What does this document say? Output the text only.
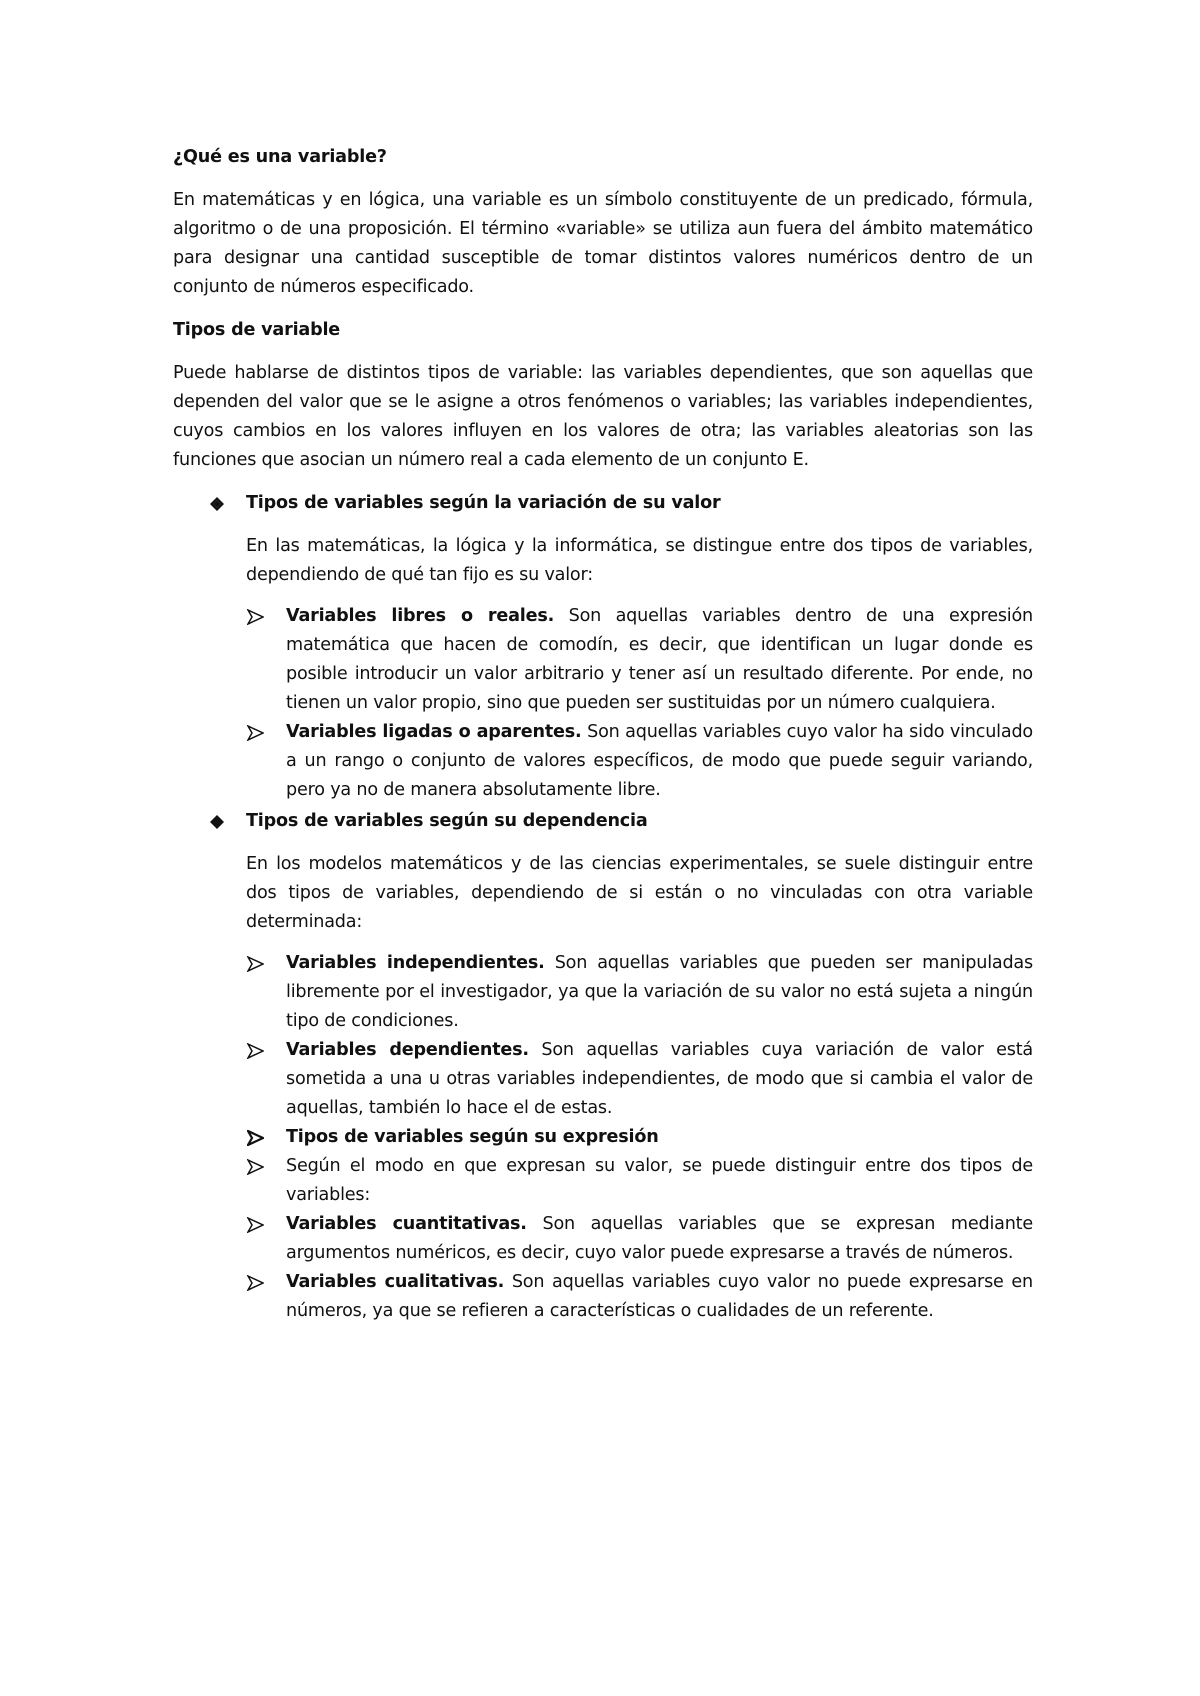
¿Qué es una variable?

En matemáticas y en lógica, una variable es un símbolo constituyente de un predicado, fórmula, algoritmo o de una proposición. El término «variable» se utiliza aun fuera del ámbito matemático para designar una cantidad susceptible de tomar distintos valores numéricos dentro de un conjunto de números especificado.

Tipos de variable

Puede hablarse de distintos tipos de variable: las variables dependientes, que son aquellas que dependen del valor que se le asigne a otros fenómenos o variables; las variables independientes, cuyos cambios en los valores influyen en los valores de otra; las variables aleatorias son las funciones que asocian un número real a cada elemento de un conjunto E.

Tipos de variables según la variación de su valor

En las matemáticas, la lógica y la informática, se distingue entre dos tipos de variables, dependiendo de qué tan fijo es su valor:

Variables libres o reales. Son aquellas variables dentro de una expresión matemática que hacen de comodín, es decir, que identifican un lugar donde es posible introducir un valor arbitrario y tener así un resultado diferente. Por ende, no tienen un valor propio, sino que pueden ser sustituidas por un número cualquiera.
Variables ligadas o aparentes. Son aquellas variables cuyo valor ha sido vinculado a un rango o conjunto de valores específicos, de modo que puede seguir variando, pero ya no de manera absolutamente libre.

Tipos de variables según su dependencia

En los modelos matemáticos y de las ciencias experimentales, se suele distinguir entre dos tipos de variables, dependiendo de si están o no vinculadas con otra variable determinada:

Variables independientes. Son aquellas variables que pueden ser manipuladas libremente por el investigador, ya que la variación de su valor no está sujeta a ningún tipo de condiciones.
Variables dependientes. Son aquellas variables cuya variación de valor está sometida a una u otras variables independientes, de modo que si cambia el valor de aquellas, también lo hace el de estas.
Tipos de variables según su expresión
Según el modo en que expresan su valor, se puede distinguir entre dos tipos de variables:
Variables cuantitativas. Son aquellas variables que se expresan mediante argumentos numéricos, es decir, cuyo valor puede expresarse a través de números.
Variables cualitativas. Son aquellas variables cuyo valor no puede expresarse en números, ya que se refieren a características o cualidades de un referente.
